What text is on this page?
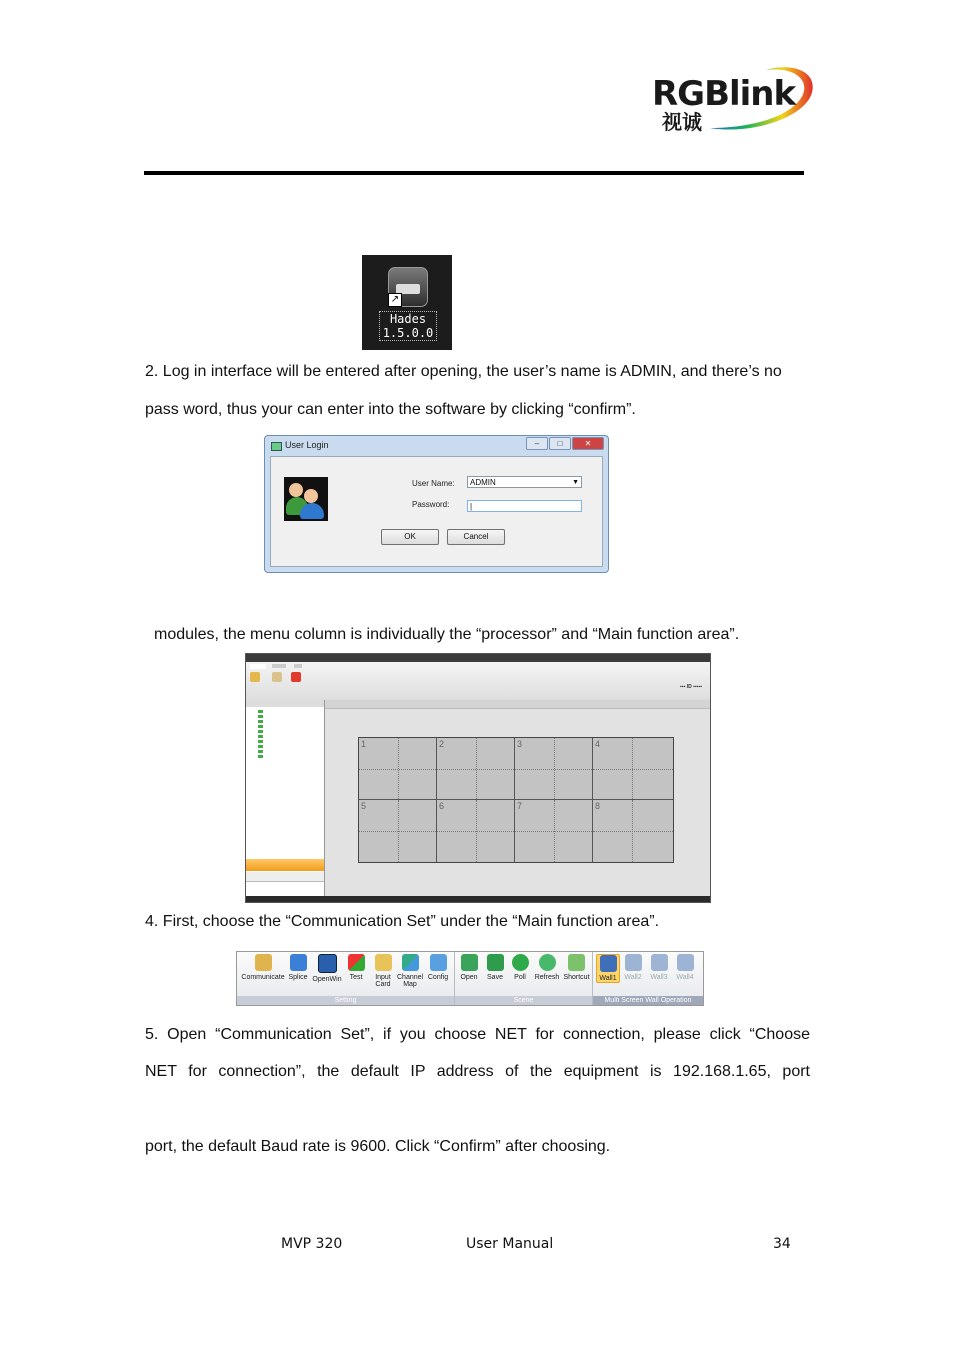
RGBlink
视诚
↗
Hades
1.5.0.0
2. Log in interface will be entered after opening, the user’s name is ADMIN, and there’s no
pass word, thus your can enter into the software by clicking “confirm”.
User Login	–	□	✕
User Name:	ADMIN	▼
Password:	|
OK	Cancel
modules, the menu column is individually the “processor” and “Main function area”.
▪▪▪ ID ▪▪▪▪▪
1	2	3	4
5	6	7	8
4. First, choose the “Communication Set” under the “Main function area”.
Communicate Splice OpenWin	Test	Input Card
Channel Map
Config
Setting
Open	Save	Poll	Refresh Shortcut
Scene
Wall1	Wall2	Wall3	Wall4
Multi Screen Wall Operation
5. Open “Communication Set”, if you choose NET for connection, please click “Choose
NET for connection”, the default IP address of the equipment is 192.168.1.65, port
port, the default Baud rate is 9600. Click “Confirm” after choosing.
MVP 320	User Manual	34
